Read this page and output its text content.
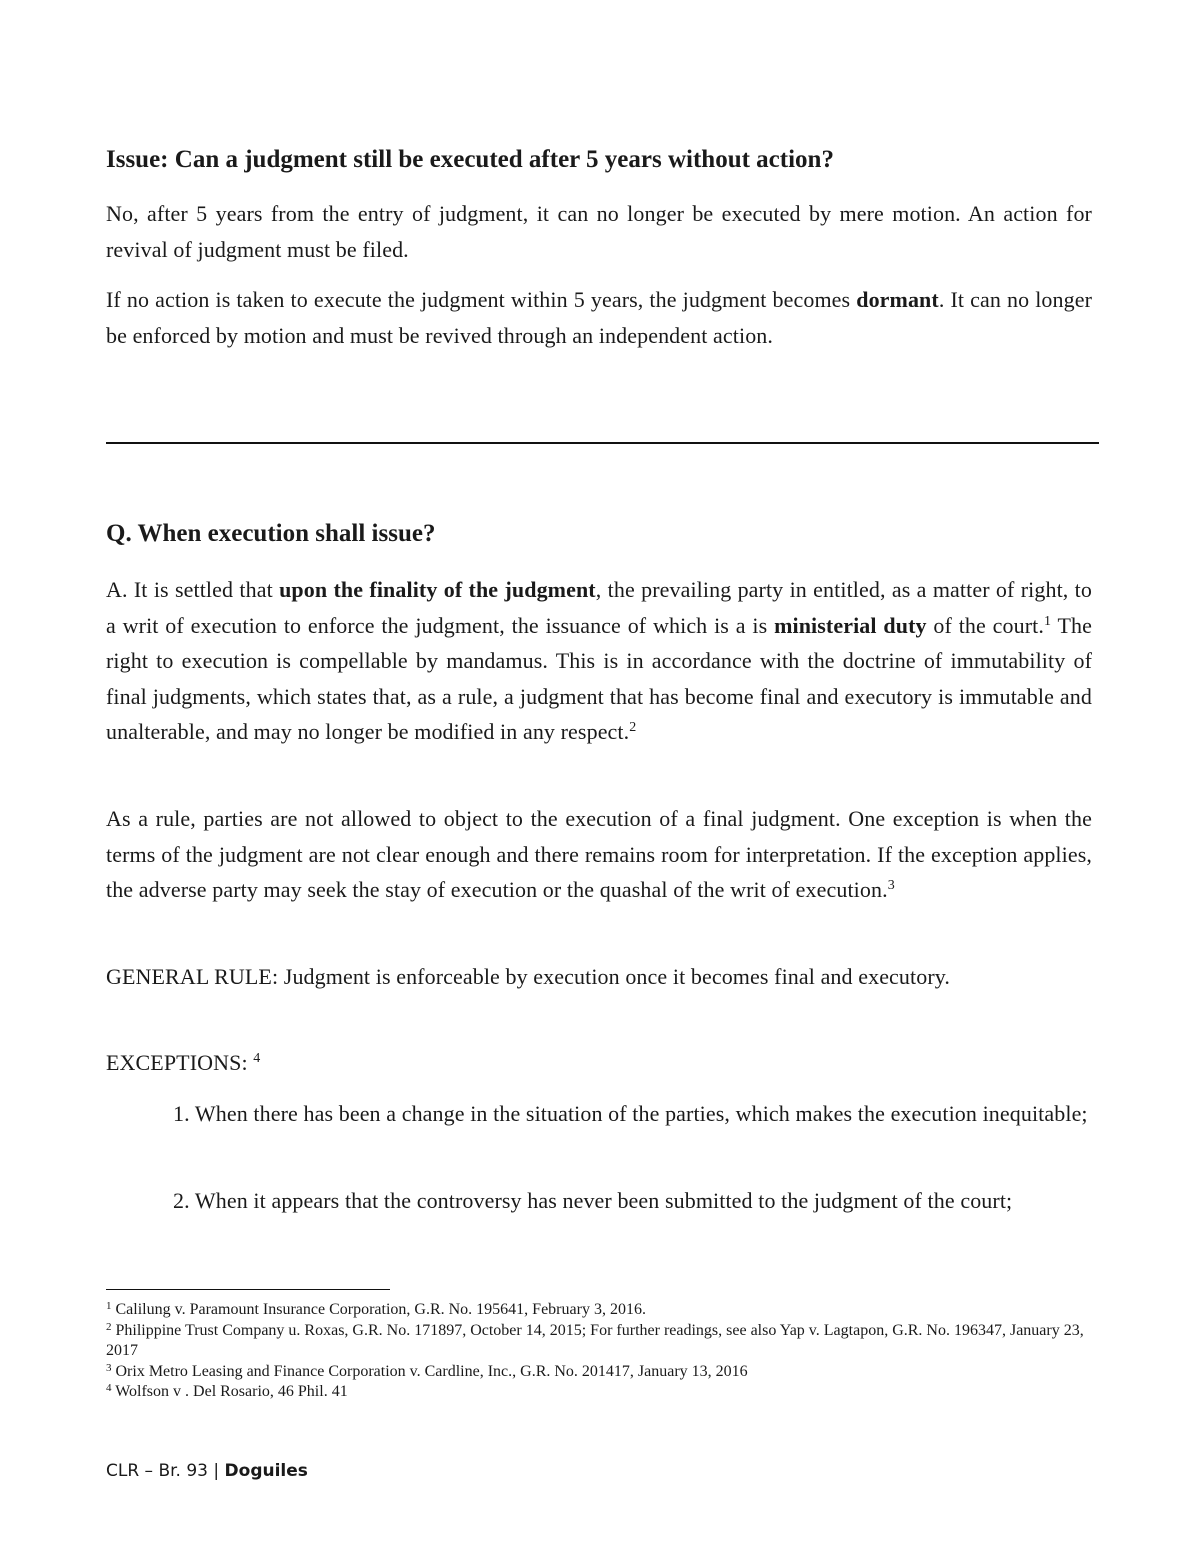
Issue: Can a judgment still be executed after 5 years without action?

No, after 5 years from the entry of judgment, it can no longer be executed by mere motion. An action for revival of judgment must be filed.

If no action is taken to execute the judgment within 5 years, the judgment becomes dormant. It can no longer be enforced by motion and must be revived through an independent action.

Q. When execution shall issue?

A. It is settled that upon the finality of the judgment, the prevailing party in entitled, as a matter of right, to a writ of execution to enforce the judgment, the issuance of which is a is ministerial duty of the court.$^1$ The right to execution is compellable by mandamus. This is in accordance with the doctrine of immutability of final judgments, which states that, as a rule, a judgment that has become final and executory is immutable and unalterable, and may no longer be modified in any respect.$^2$

As a rule, parties are not allowed to object to the execution of a final judgment. One exception is when the terms of the judgment are not clear enough and there remains room for interpretation. If the exception applies, the adverse party may seek the stay of execution or the quashal of the writ of execution.$^3$

GENERAL RULE: Judgment is enforceable by execution once it becomes final and executory.

EXCEPTIONS: $^4$

1. When there has been a change in the situation of the parties, which makes the execution inequitable;

2. When it appears that the controversy has never been submitted to the judgment of the court;

$^1$ Calilung v. Paramount Insurance Corporation, G.R. No. 195641, February 3, 2016.

$^2$ Philippine Trust Company u. Roxas, G.R. No. 171897, October 14, 2015; For further readings, see also Yap v. Lagtapon, G.R. No. 196347, January 23, 2017

$^3$ Orix Metro Leasing and Finance Corporation v. Cardline, Inc., G.R. No. 201417, January 13, 2016

$^4$ Wolfson v . Del Rosario, 46 Phil. 41

CLR – Br. 93 | Doguiles
